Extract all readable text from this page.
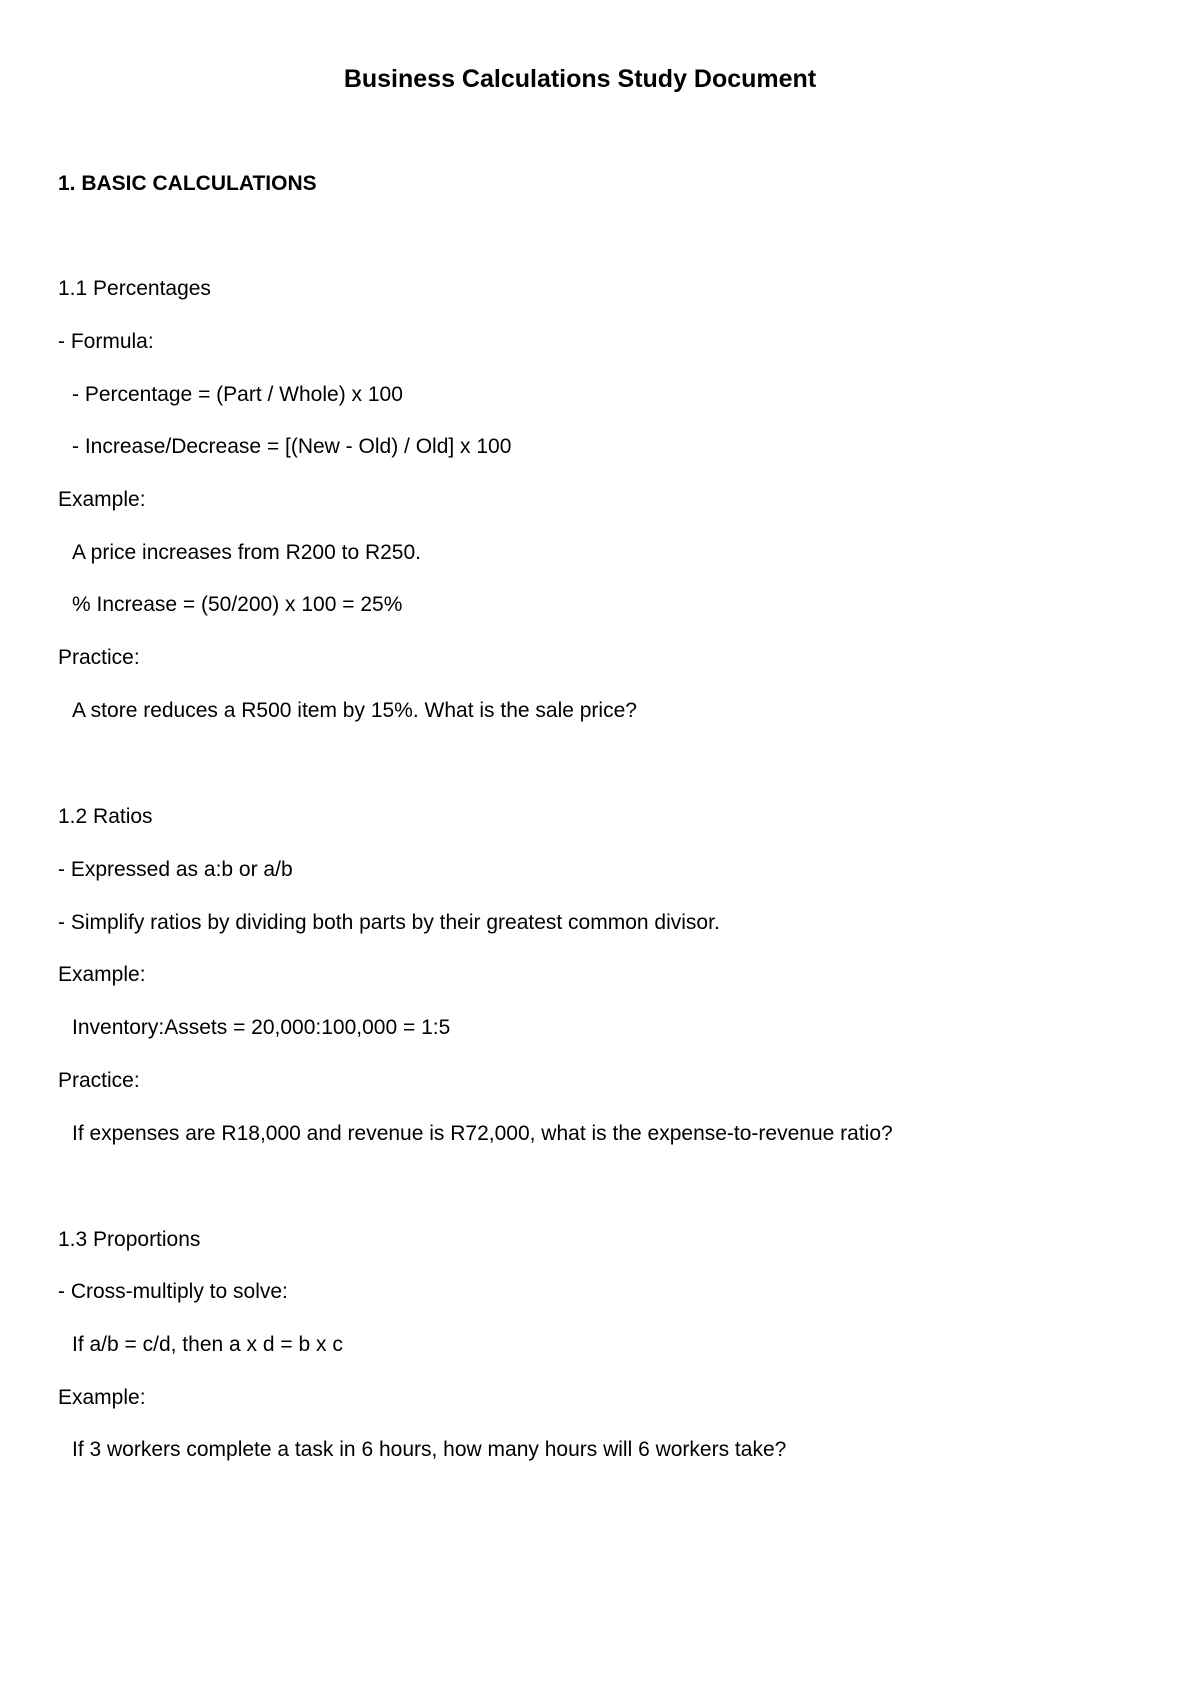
Business Calculations Study Document
1. BASIC CALCULATIONS
1.1 Percentages
- Formula:
- Percentage = (Part / Whole) x 100
- Increase/Decrease = [(New - Old) / Old] x 100
Example:
A price increases from R200 to R250.
% Increase = (50/200) x 100 = 25%
Practice:
A store reduces a R500 item by 15%. What is the sale price?
1.2 Ratios
- Expressed as a:b or a/b
- Simplify ratios by dividing both parts by their greatest common divisor.
Example:
Inventory:Assets = 20,000:100,000 = 1:5
Practice:
If expenses are R18,000 and revenue is R72,000, what is the expense-to-revenue ratio?
1.3 Proportions
- Cross-multiply to solve:
If a/b = c/d, then a x d = b x c
Example:
If 3 workers complete a task in 6 hours, how many hours will 6 workers take?
